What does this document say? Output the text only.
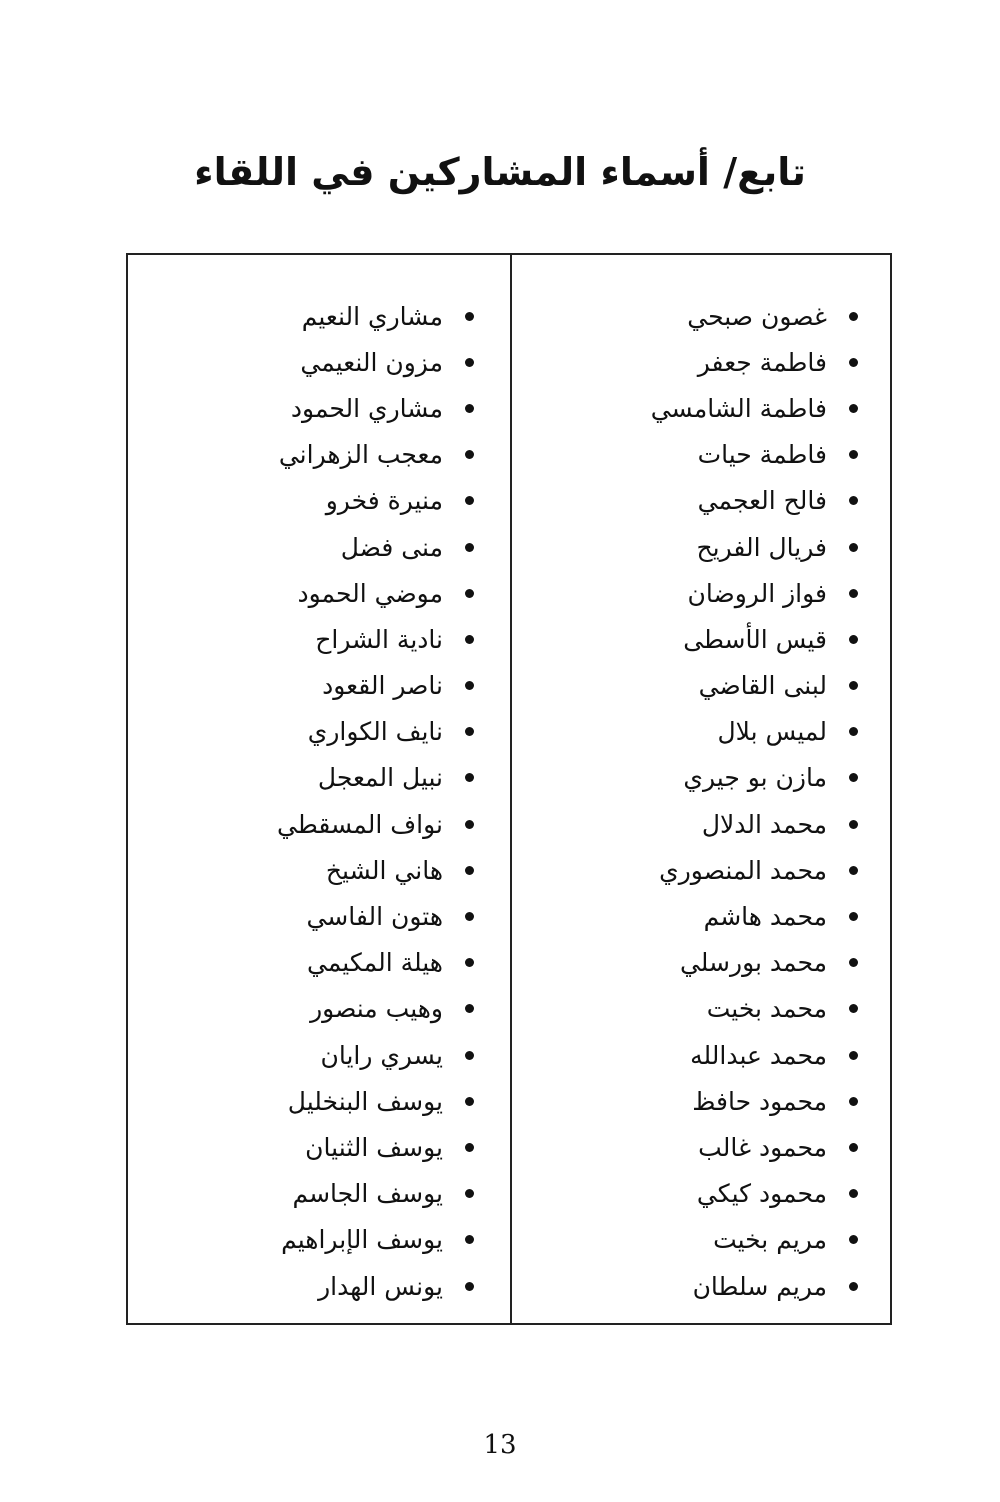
تابع/ أسماء المشاركين في اللقاء
غصون صبحي
فاطمة جعفر
فاطمة الشامسي
فاطمة حيات
فالح العجمي
فريال الفريح
فواز الروضان
قيس الأسطى
لبنى القاضي
لميس بلال
مازن بو جيري
محمد الدلال
محمد المنصوري
محمد هاشم
محمد بورسلي
محمد بخيت
محمد عبدالله
محمود حافظ
محمود غالب
محمود كيكي
مريم بخيت
مريم سلطان
مشاري النعيم
مزون النعيمي
مشاري الحمود
معجب الزهراني
منيرة فخرو
منى فضل
موضي الحمود
نادية الشراح
ناصر القعود
نايف الكواري
نبيل المعجل
نواف المسقطي
هاني الشيخ
هتون الفاسي
هيلة المكيمي
وهيب منصور
يسري رايان
يوسف البنخليل
يوسف الثنيان
يوسف الجاسم
يوسف الإبراهيم
يونس الهدار
13
